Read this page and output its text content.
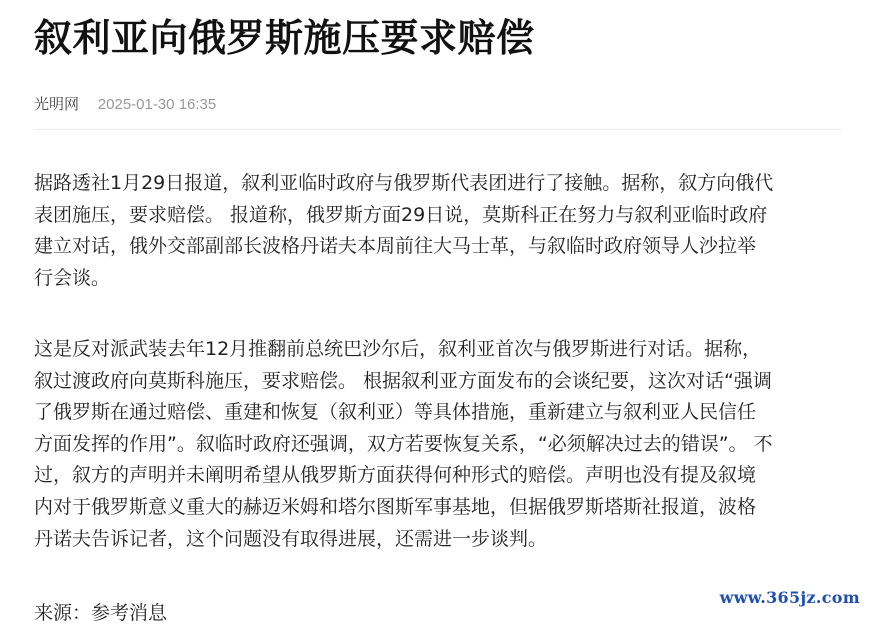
叙利亚向俄罗斯施压要求赔偿
光明网 2025-01-30 16:35

据路透社1月29日报道，叙利亚临时政府与俄罗斯代表团进行了接触。据称，叙方向俄代
表团施压，要求赔偿。 报道称，俄罗斯方面29日说，莫斯科正在努力与叙利亚临时政府
建立对话，俄外交部副部长波格丹诺夫本周前往大马士革，与叙临时政府领导人沙拉举
行会谈。

这是反对派武装去年12月推翻前总统巴沙尔后，叙利亚首次与俄罗斯进行对话。据称，
叙过渡政府向莫斯科施压，要求赔偿。 根据叙利亚方面发布的会谈纪要，这次对话“强调
了俄罗斯在通过赔偿、重建和恢复（叙利亚）等具体措施，重新建立与叙利亚人民信任
方面发挥的作用”。叙临时政府还强调，双方若要恢复关系，“必须解决过去的错误”。 不
过，叙方的声明并未阐明希望从俄罗斯方面获得何种形式的赔偿。声明也没有提及叙境
内对于俄罗斯意义重大的赫迈米姆和塔尔图斯军事基地，但据俄罗斯塔斯社报道，波格
丹诺夫告诉记者，这个问题没有取得进展，还需进一步谈判。

来源：参考消息
www.365jz.com
